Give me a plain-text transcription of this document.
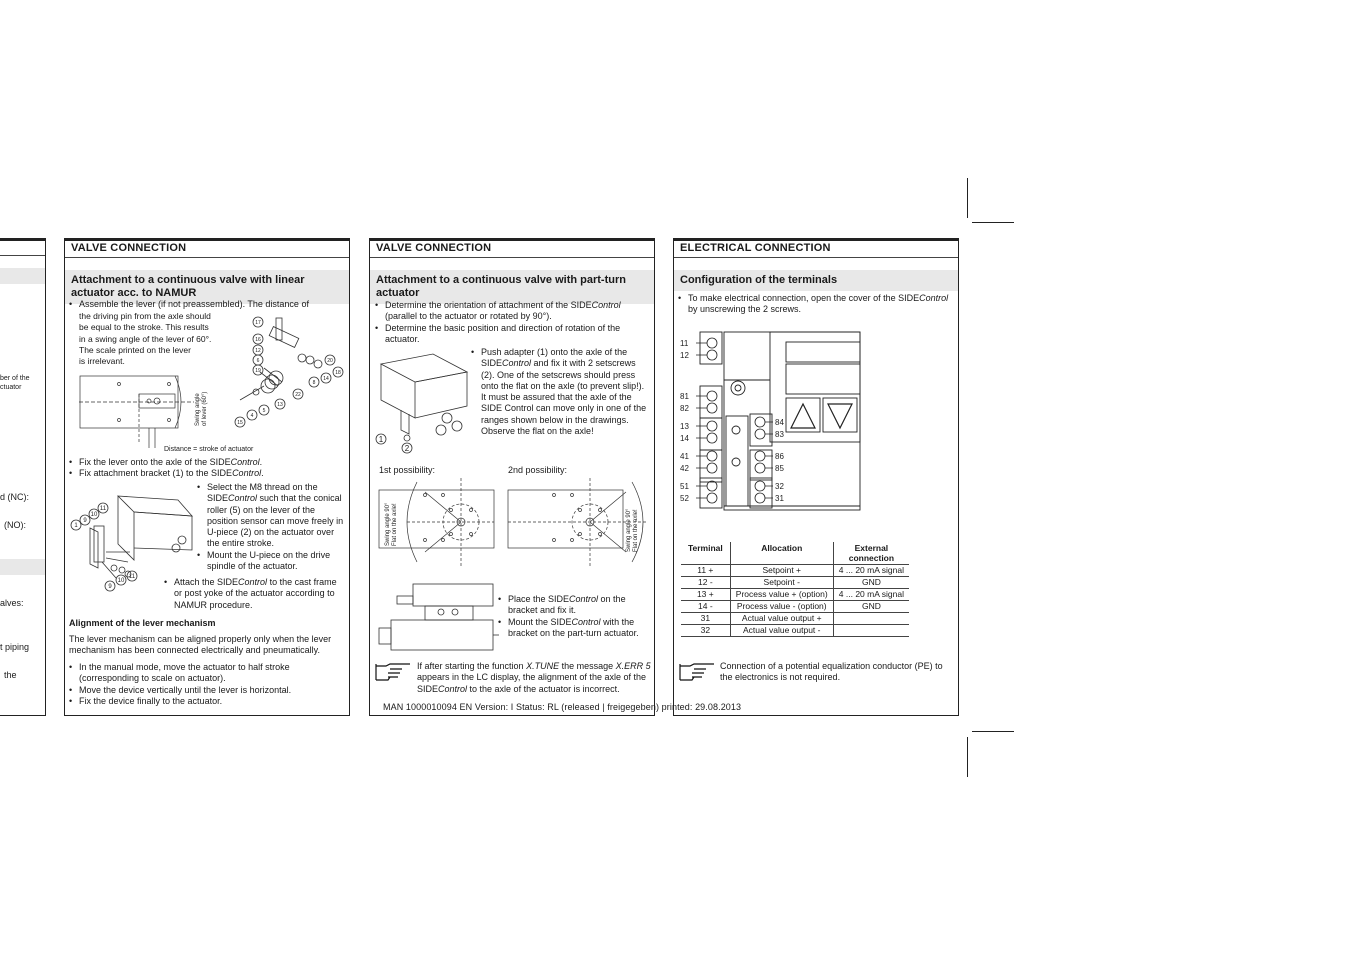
ber of the
ctuator
d (NC):
(NO):
alves:
t piping
the
VALVE CONNECTION
Attachment to a continuous valve with linear actuator acc. to NAMUR
• Assemble the lever (if not preassembled). The distance of
the driving pin from the axle should
be equal to the stroke. This results
in a swing angle of the lever of 60°.
The scale printed on the lever
is irrelevant.
17
16
12
6
19
22
13
5
4
15
8
14
18
20
Swing angle of lever (60°)
Distance = stroke of actuator
• Fix the lever onto the axle of the SIDEControl.
• Fix attachment bracket (1) to the SIDEControl.
1
9
10
11
9
10
11
• Select the M8 thread on the SIDEControl such that the conical roller (5) on the lever of the position sensor can move freely in U-piece (2) on the actuator over the entire stroke.
• Mount the U-piece on the drive spindle of the actuator.
• Attach the SIDEControl to the cast frame or post yoke of the actuator according to NAMUR procedure.
Alignment of the lever mechanism
The lever mechanism can be aligned properly only when the lever mechanism has been connected electrically and pneumatically.
• In the manual mode, move the actuator to half stroke (corresponding to scale on actuator).
• Move the device vertically until the lever is horizontal.
• Fix the device finally to the actuator.
VALVE CONNECTION
Attachment to a continuous valve with part-turn actuator
• Determine the orientation of attachment of the SIDEControl (parallel to the actuator or rotated by 90°).
• Determine the basic position and direction of rotation of the actuator.
1
2
• Push adapter (1) onto the axle of the SIDEControl and fix it with 2 setscrews (2). One of the setscrews should press onto the flat on the axle (to prevent slip!). It must be assured that the axle of the SIDE Control can move only in one of the ranges shown below in the drawings. Observe the flat on the axle!
1st possibility:	2nd possibility:
Swing angle 90° Flat on the axle!	Swing angle 90° Flat on the axle!
• Place the SIDEControl on the bracket and fix it.
• Mount the SIDEControl with the bracket on the part-turn actuator.
If after starting the function X.TUNE the message X.ERR 5 appears in the LC display, the alignment of the axle of the SIDEControl to the axle of the actuator is incorrect.
ELECTRICAL CONNECTION
Configuration of the terminals
• To make electrical connection, open the cover of the SIDEControl by unscrewing the 2 screws.
11
12
81
82
13
14
41
42
51
52
84
83
86
85
32
31
Terminal	Allocation	External connection
11 +	Setpoint +	4 ... 20 mA signal
12 -	Setpoint -	GND
13 +	Process value + (option)	4 ... 20 mA signal
14 -	Process value - (option)	GND
31	Actual value output +	
32	Actual value output -	
Connection of a potential equalization conductor (PE) to the electronics is not required.
MAN 1000010094 EN Version: I Status: RL (released | freigegeben) printed: 29.08.2013
